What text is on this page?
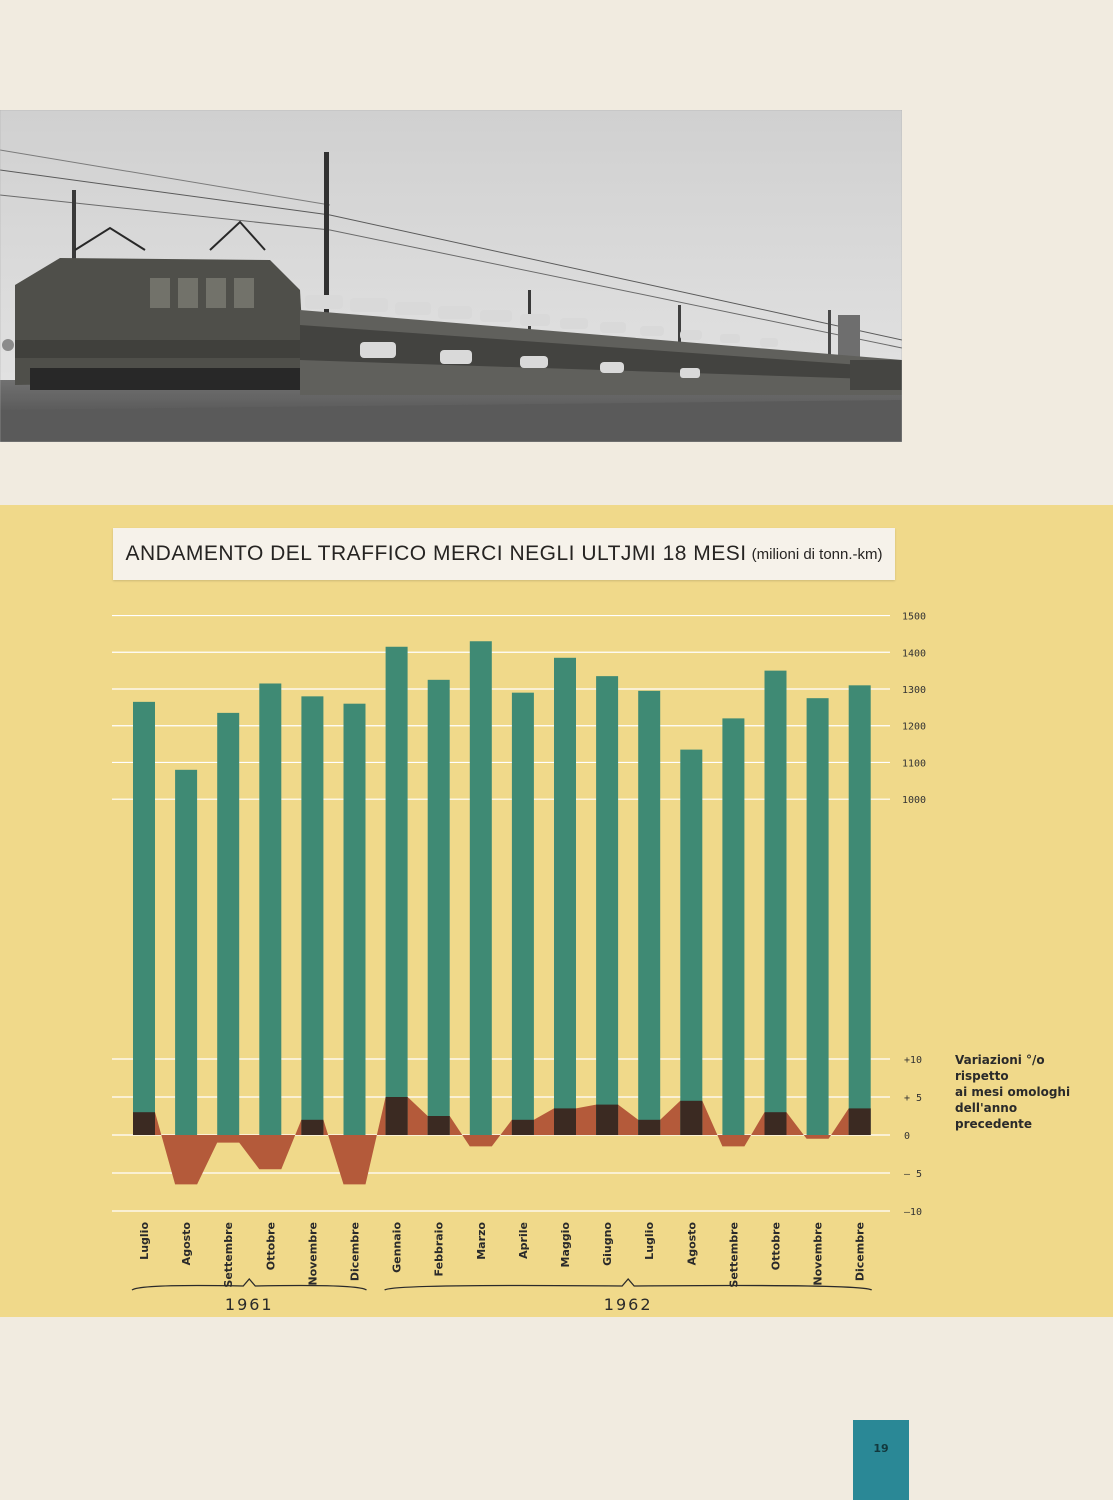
ANDAMENTO DEL TRAFFICO MERCI NEGLI ULTJMI 18 MESI (milioni di tonn.-km)
1500
1400
1300
1200
1100
1000
+10
+ 5
0
— 5
—10
Variazioni °/o
rispetto
ai mesi omologhi
dell'anno
precedente
Luglio	Agosto	Settembre	Ottobre	Novembre	Dicembre	Gennaio	Febbraio	Marzo	Aprile	Maggio	Giugno	Luglio	Agosto	Settembre	Ottobre	Novembre	Dicembre
1961	1962
19
